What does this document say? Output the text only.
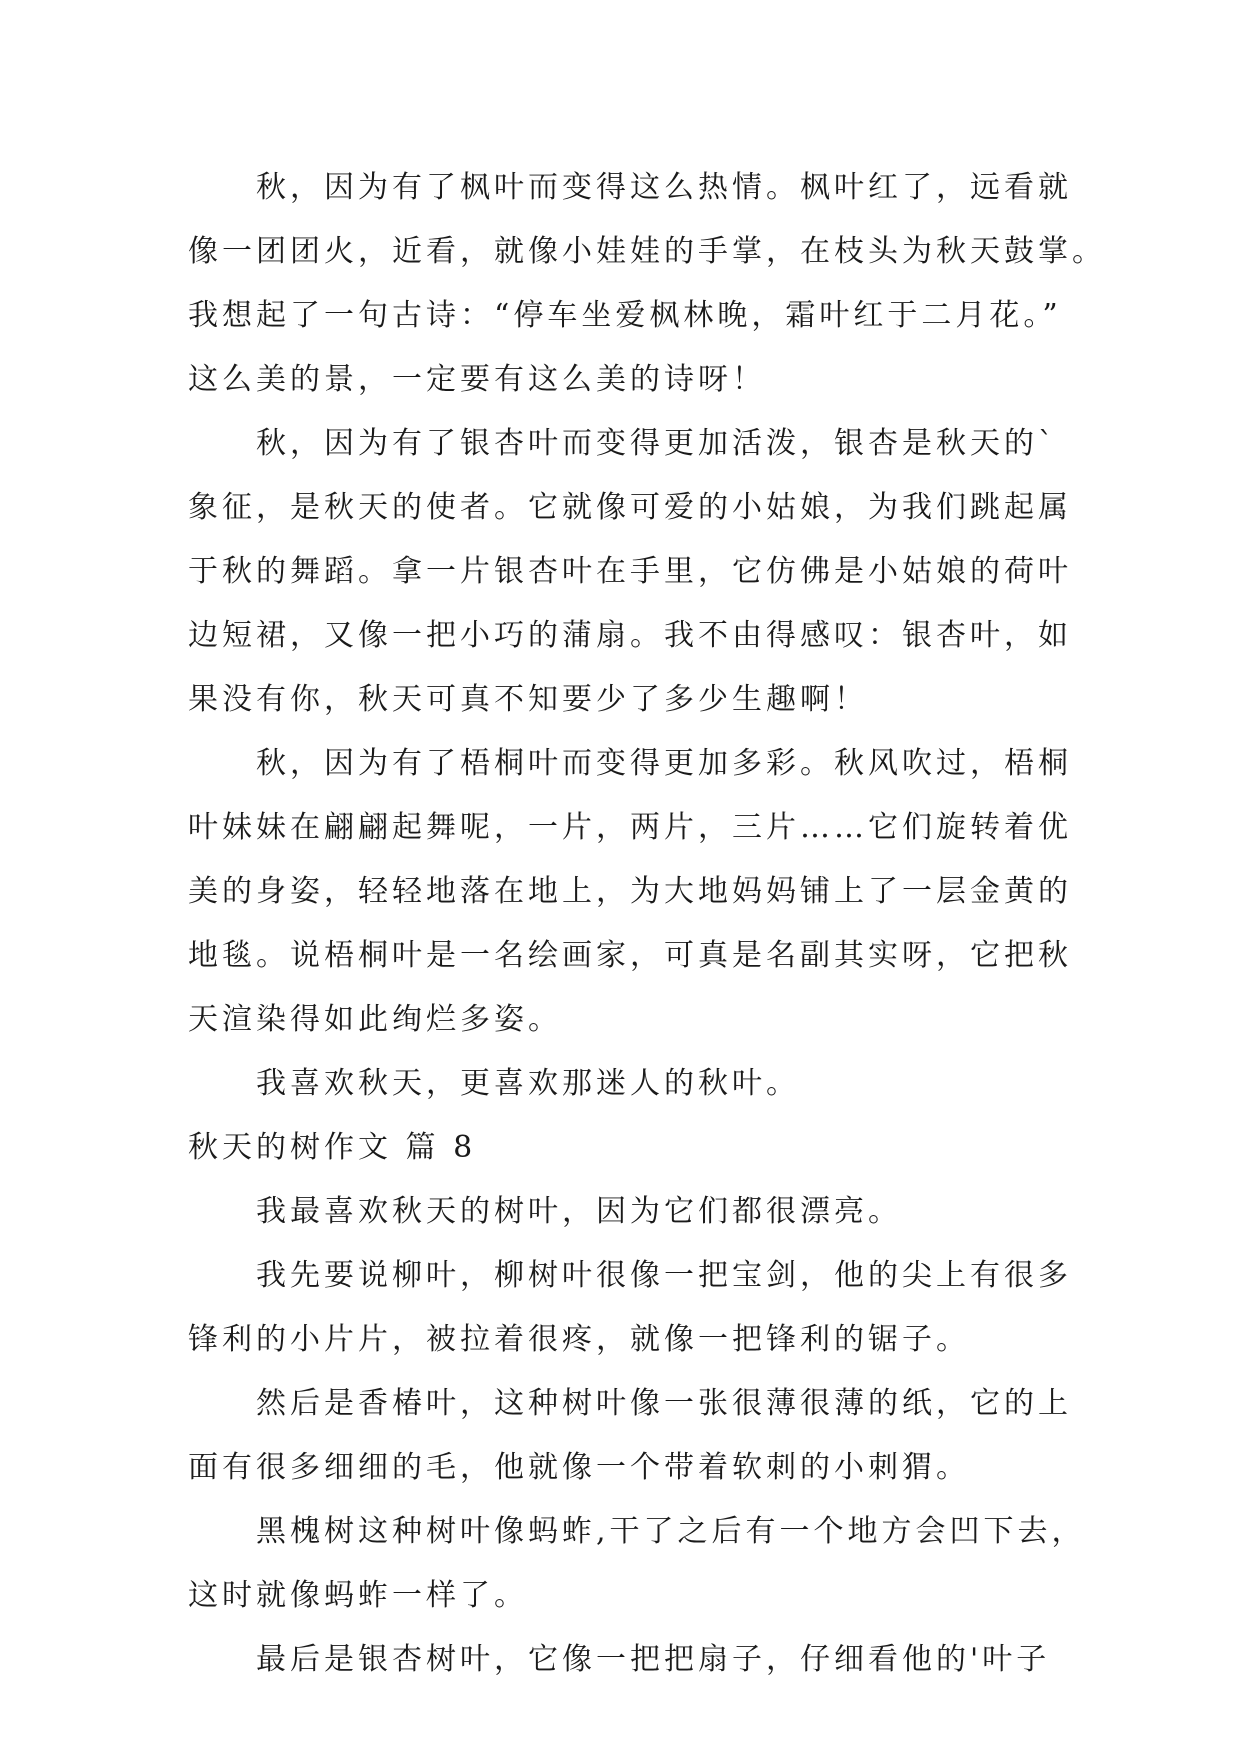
秋，因为有了枫叶而变得这么热情。枫叶红了，远看就
像一团团火，近看，就像小娃娃的手掌，在枝头为秋天鼓掌。
我想起了一句古诗：“停车坐爱枫林晚，霜叶红于二月花。”
这么美的景，一定要有这么美的诗呀！
秋，因为有了银杏叶而变得更加活泼，银杏是秋天的`
象征，是秋天的使者。它就像可爱的小姑娘，为我们跳起属
于秋的舞蹈。拿一片银杏叶在手里，它仿佛是小姑娘的荷叶
边短裙，又像一把小巧的蒲扇。我不由得感叹：银杏叶，如
果没有你，秋天可真不知要少了多少生趣啊！
秋，因为有了梧桐叶而变得更加多彩。秋风吹过，梧桐
叶妹妹在翩翩起舞呢，一片，两片，三片……它们旋转着优
美的身姿，轻轻地落在地上，为大地妈妈铺上了一层金黄的
地毯。说梧桐叶是一名绘画家，可真是名副其实呀，它把秋
天渲染得如此绚烂多姿。
我喜欢秋天，更喜欢那迷人的秋叶。
秋天的树作文 篇 8
我最喜欢秋天的树叶，因为它们都很漂亮。
我先要说柳叶，柳树叶很像一把宝剑，他的尖上有很多
锋利的小片片，被拉着很疼，就像一把锋利的锯子。
然后是香椿叶，这种树叶像一张很薄很薄的纸，它的上
面有很多细细的毛，他就像一个带着软刺的小刺猬。
黑槐树这种树叶像蚂蚱,干了之后有一个地方会凹下去，
这时就像蚂蚱一样了。
最后是银杏树叶，它像一把把扇子，仔细看他的'叶子
